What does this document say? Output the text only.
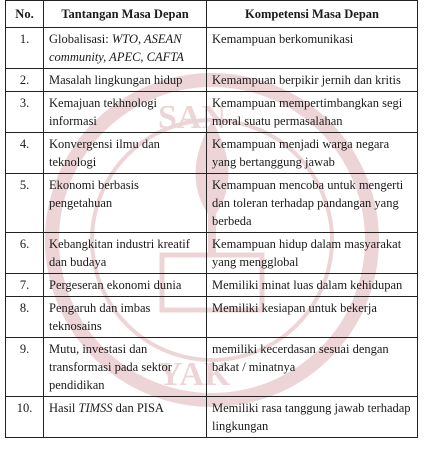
SAN
YAK
No.	Tantangan Masa Depan	Kompetensi Masa Depan
1.	Globalisasi: WTO, ASEAN community, APEC, CAFTA	Kemampuan berkomunikasi
2.	Masalah lingkungan hidup	Kemampuan berpikir jernih dan kritis
3.	Kemajuan tekhnologi informasi	Kemampuan mempertimbangkan segi moral suatu permasalahan
4.	Konvergensi ilmu dan teknologi	Kemampuan menjadi warga negara yang bertanggung jawab
5.	Ekonomi berbasis pengetahuan	Kemampuan mencoba untuk mengerti dan toleran terhadap pandangan yang berbeda
6.	Kebangkitan industri kreatif dan budaya	Kemampuan hidup dalam masyarakat yang mengglobal
7.	Pergeseran ekonomi dunia	Memiliki minat luas dalam kehidupan
8.	Pengaruh dan imbas teknosains	Memiliki kesiapan untuk bekerja
9.	Mutu, investasi dan transformasi pada sektor pendidikan	memiliki kecerdasan sesuai dengan bakat / minatnya
10.	Hasil TIMSS dan PISA	Memiliki rasa tanggung jawab terhadap lingkungan
